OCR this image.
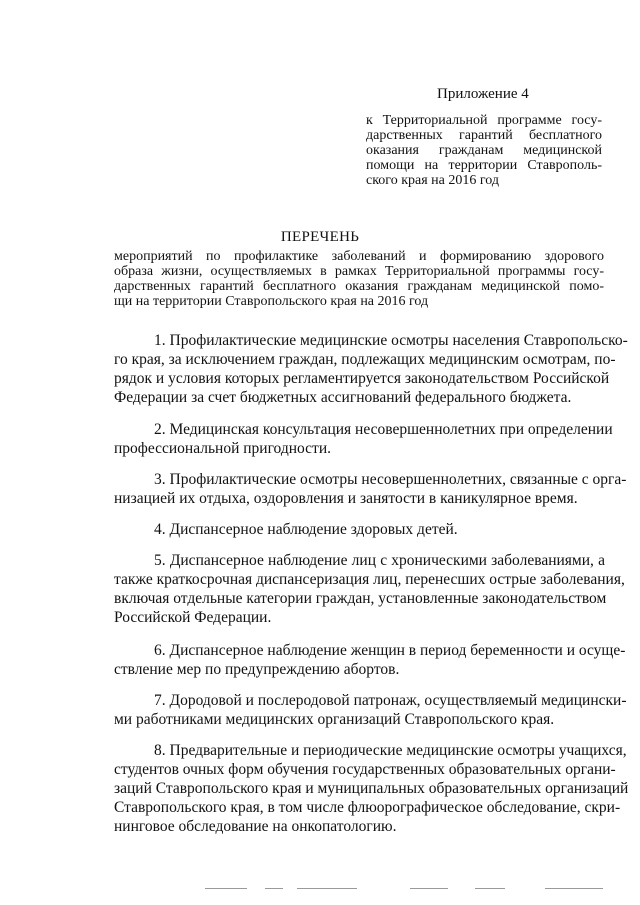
Приложение 4
к Территориальной программе госу-
дарственных гарантий бесплатного
оказания гражданам медицинской
помощи на территории Ставрополь-
ского края на 2016 год
ПЕРЕЧЕНЬ
мероприятий по профилактике заболеваний и формированию здорового
образа жизни, осуществляемых в рамках Территориальной программы госу-
дарственных гарантий бесплатного оказания гражданам медицинской помо-
щи на территории Ставропольского края на 2016 год
1. Профилактические медицинские осмотры населения Ставропольско-
го края, за исключением граждан, подлежащих медицинским осмотрам, по-
рядок и условия которых регламентируется законодательством Российской
Федерации за счет бюджетных ассигнований федерального бюджета.
2. Медицинская консультация несовершеннолетних при определении
профессиональной пригодности.
3. Профилактические осмотры несовершеннолетних, связанные с орга-
низацией их отдыха, оздоровления и занятости в каникулярное время.
4. Диспансерное наблюдение здоровых детей.
5. Диспансерное наблюдение лиц с хроническими заболеваниями, а
также краткосрочная диспансеризация лиц, перенесших острые заболевания,
включая отдельные категории граждан, установленные законодательством
Российской Федерации.
6. Диспансерное наблюдение женщин в период беременности и осуще-
ствление мер по предупреждению абортов.
7. Дородовой и послеродовой патронаж, осуществляемый медицински-
ми работниками медицинских организаций Ставропольского края.
8. Предварительные и периодические медицинские осмотры учащихся,
студентов очных форм обучения государственных образовательных органи-
заций Ставропольского края и муниципальных образовательных организаций
Ставропольского края, в том числе флюорографическое обследование, скри-
нинговое обследование на онкопатологию.
